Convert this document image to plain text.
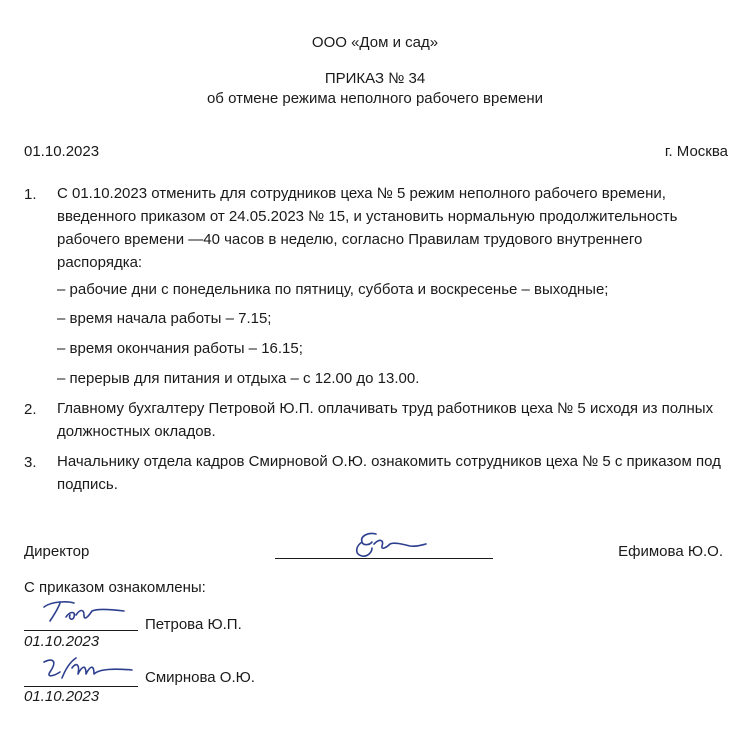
ООО «Дом и сад»
ПРИКАЗ № 34
об отмене режима неполного рабочего времени
01.10.2023	г. Москва
1. С 01.10.2023 отменить для сотрудников цеха № 5 режим неполного рабочего времени, введенного приказом от 24.05.2023 № 15, и установить нормальную продолжительность рабочего времени —40 часов в неделю, согласно Правилам трудового внутреннего распорядка:
– рабочие дни с понедельника по пятницу, суббота и воскресенье – выходные;
– время начала работы – 7.15;
– время окончания работы – 16.15;
– перерыв для питания и отдыха – с 12.00 до 13.00.
2. Главному бухгалтеру Петровой Ю.П. оплачивать труд работников цеха № 5 исходя из полных должностных окладов.
3. Начальнику отдела кадров Смирновой О.Ю. ознакомить сотрудников цеха № 5 с приказом под подпись.
Директор	Ефимова Ю.О.
С приказом ознакомлены:
Петрова Ю.П.
01.10.2023
Смирнова О.Ю.
01.10.2023
